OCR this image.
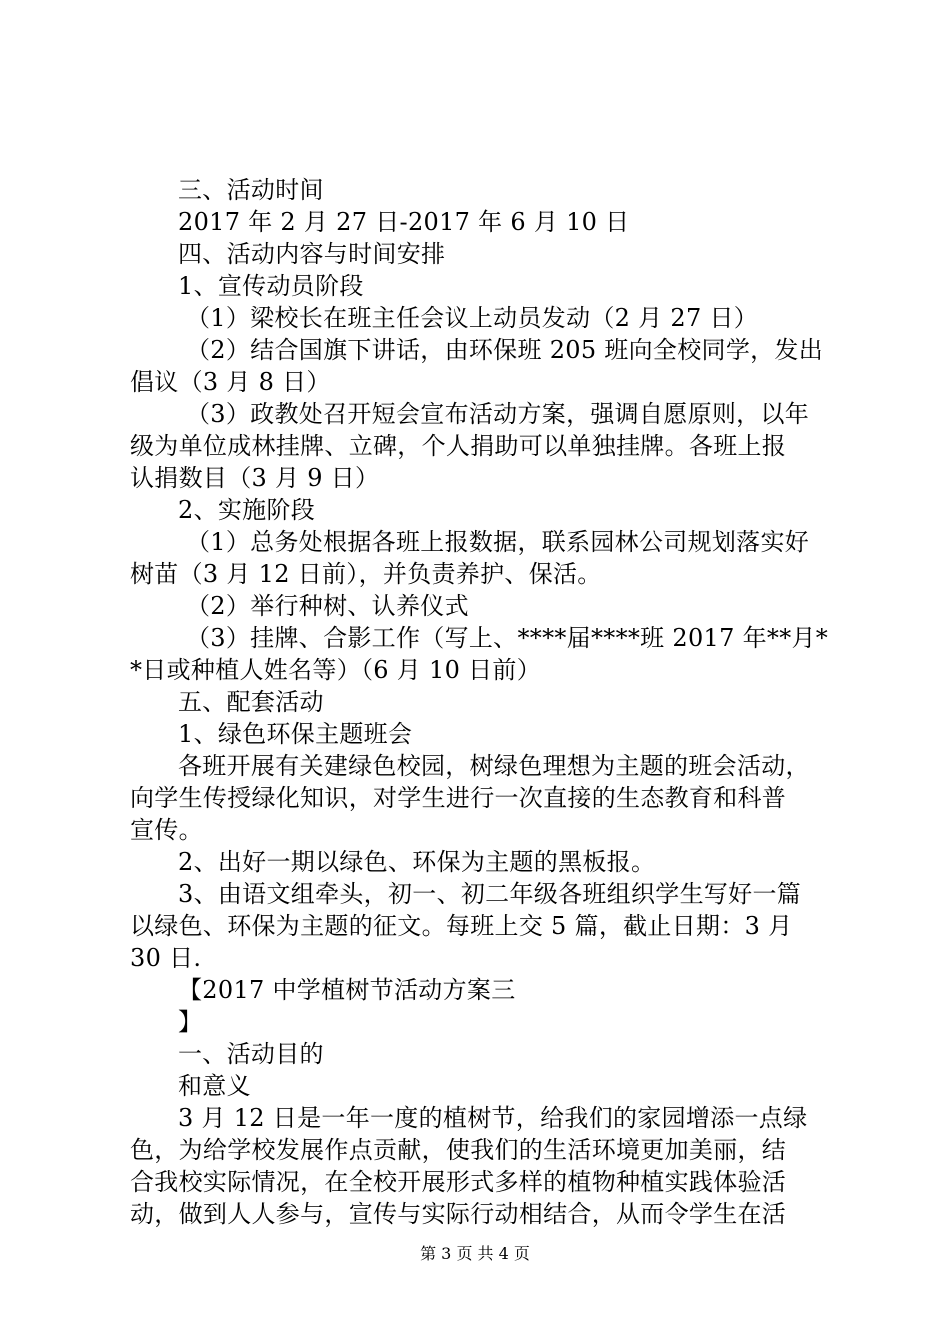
三、活动时间
2017 年 2 月 27 日-2017 年 6 月 10 日
四、活动内容与时间安排
1、宣传动员阶段
（1）梁校长在班主任会议上动员发动（2 月 27 日）
（2）结合国旗下讲话，由环保班 205 班向全校同学，发出
倡议（3 月 8 日）
（3）政教处召开短会宣布活动方案，强调自愿原则，以年
级为单位成林挂牌、立碑，个人捐助可以单独挂牌。各班上报
认捐数目（3 月 9 日）
2、实施阶段
（1）总务处根据各班上报数据，联系园林公司规划落实好
树苗（3 月 12 日前），并负责养护、保活。
（2）举行种树、认养仪式
（3）挂牌、合影工作（写上、****届****班 2017 年**月*
*日或种植人姓名等）（6 月 10 日前）
五、配套活动
1、绿色环保主题班会
各班开展有关建绿色校园，树绿色理想为主题的班会活动，
向学生传授绿化知识，对学生进行一次直接的生态教育和科普
宣传。
2、出好一期以绿色、环保为主题的黑板报。
3、由语文组牵头，初一、初二年级各班组织学生写好一篇
以绿色、环保为主题的征文。每班上交 5 篇，截止日期：3 月
30 日.
【2017 中学植树节活动方案三
】
一、活动目的
和意义
3 月 12 日是一年一度的植树节，给我们的家园增添一点绿
色，为给学校发展作点贡献，使我们的生活环境更加美丽，结
合我校实际情况，在全校开展形式多样的植物种植实践体验活
动，做到人人参与，宣传与实际行动相结合，从而令学生在活
第 3 页 共 4 页
